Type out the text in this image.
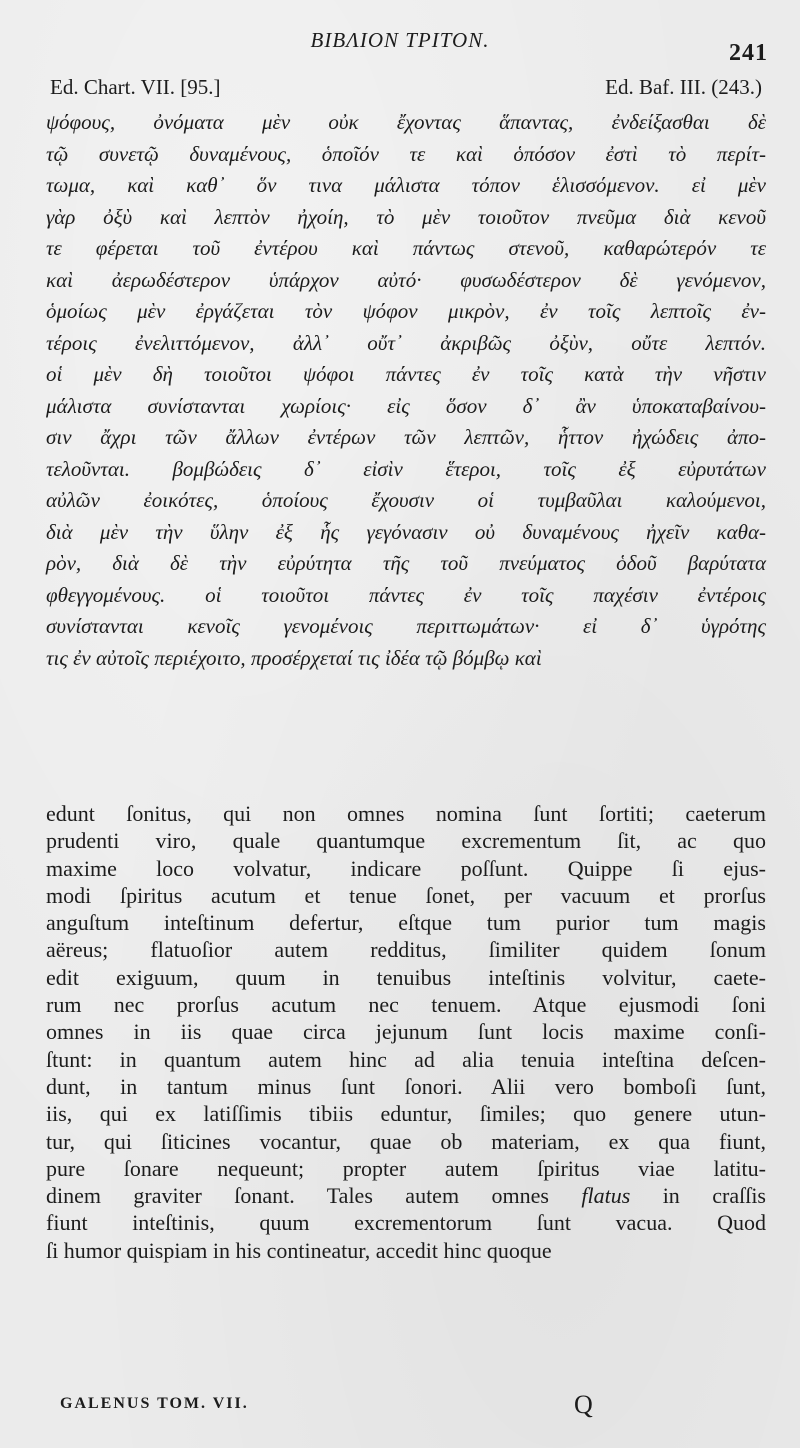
BIBΛΙΟΝ ΤΡΙΤΟΝ.	241
Ed. Chart. VII. [95.]	Ed. Baf. III. (243.)
ψόφους, ὀνόματα μὲν οὐκ ἔχοντας ἅπαντας, ἐνδείξασθαι δὲ
τῷ συνετῷ δυναμένους, ὁποῖόν τε καὶ ὁπόσον ἐστὶ τὸ περίτ-
τωμα, καὶ καθ᾽ ὅν τινα μάλιστα τόπον ἑλισσόμενον. εἰ μὲν
γὰρ ὀξὺ καὶ λεπτὸν ἠχοίη, τὸ μὲν τοιοῦτον πνεῦμα διὰ κενοῦ
τε φέρεται τοῦ ἐντέρου καὶ πάντως στενοῦ, καθαρώτερόν τε
καὶ ἀερωδέστερον ὑπάρχον αὐτό· φυσωδέστερον δὲ γενόμενον,
ὁμοίως μὲν ἐργάζεται τὸν ψόφον μικρὸν, ἐν τοῖς λεπτοῖς ἐν-
τέροις ἐνελιττόμενον, ἀλλ᾽ οὔτ᾽ ἀκριβῶς ὀξὺν, οὔτε λεπτόν.
οἱ μὲν δὴ τοιοῦτοι ψόφοι πάντες ἐν τοῖς κατὰ τὴν νῆστιν
μάλιστα συνίστανται χωρίοις· εἰς ὅσον δ᾽ ἂν ὑποκαταβαίνου-
σιν ἄχρι τῶν ἄλλων ἐντέρων τῶν λεπτῶν, ἧττον ἠχώδεις ἀπο-
τελοῦνται. βομβώδεις δ᾽ εἰσὶν ἕτεροι, τοῖς ἐξ εὐρυτάτων
αὐλῶν ἐοικότες, ὁποίους ἔχουσιν οἱ τυμβαῦλαι καλούμενοι,
διὰ μὲν τὴν ὕλην ἐξ ἧς γεγόνασιν οὐ δυναμένους ἠχεῖν καθα-
ρὸν, διὰ δὲ τὴν εὐρύτητα τῆς τοῦ πνεύματος ὁδοῦ βαρύτατα
φθεγγομένους. οἱ τοιοῦτοι πάντες ἐν τοῖς παχέσιν ἐντέροις
συνίστανται κενοῖς γενομένοις περιττωμάτων· εἰ δ᾽ ὑγρότης
τις ἐν αὐτοῖς περιέχοιτο, προσέρχεταί τις ἰδέα τῷ βόμβῳ καὶ
edunt ſonitus, qui non omnes nomina ſunt ſortiti; caeterum
prudenti viro, quale quantumque excrementum ſit, ac quo
maxime loco volvatur, indicare poſſunt. Quippe ſi ejus-
modi ſpiritus acutum et tenue ſonet, per vacuum et prorſus
anguſtum inteſtinum defertur, eſtque tum purior tum magis
aëreus; flatuoſior autem redditus, ſimiliter quidem ſonum
edit exiguum, quum in tenuibus inteſtinis volvitur, caete-
rum nec prorſus acutum nec tenuem. Atque ejusmodi ſoni
omnes in iis quae circa jejunum ſunt locis maxime conſi-
ſtunt: in quantum autem hinc ad alia tenuia inteſtina deſcen-
dunt, in tantum minus ſunt ſonori. Alii vero bomboſi ſunt,
iis, qui ex latiſſimis tibiis eduntur, ſimiles; quo genere utun-
tur, qui ſiticines vocantur, quae ob materiam, ex qua fiunt,
pure ſonare nequeunt; propter autem ſpiritus viae latitu-
dinem graviter ſonant. Tales autem omnes flatus in craſſis
fiunt inteſtinis, quum excrementorum ſunt vacua. Quod
ſi humor quispiam in his contineatur, accedit hinc quoque
GALENUS TOM. VII.	Q
